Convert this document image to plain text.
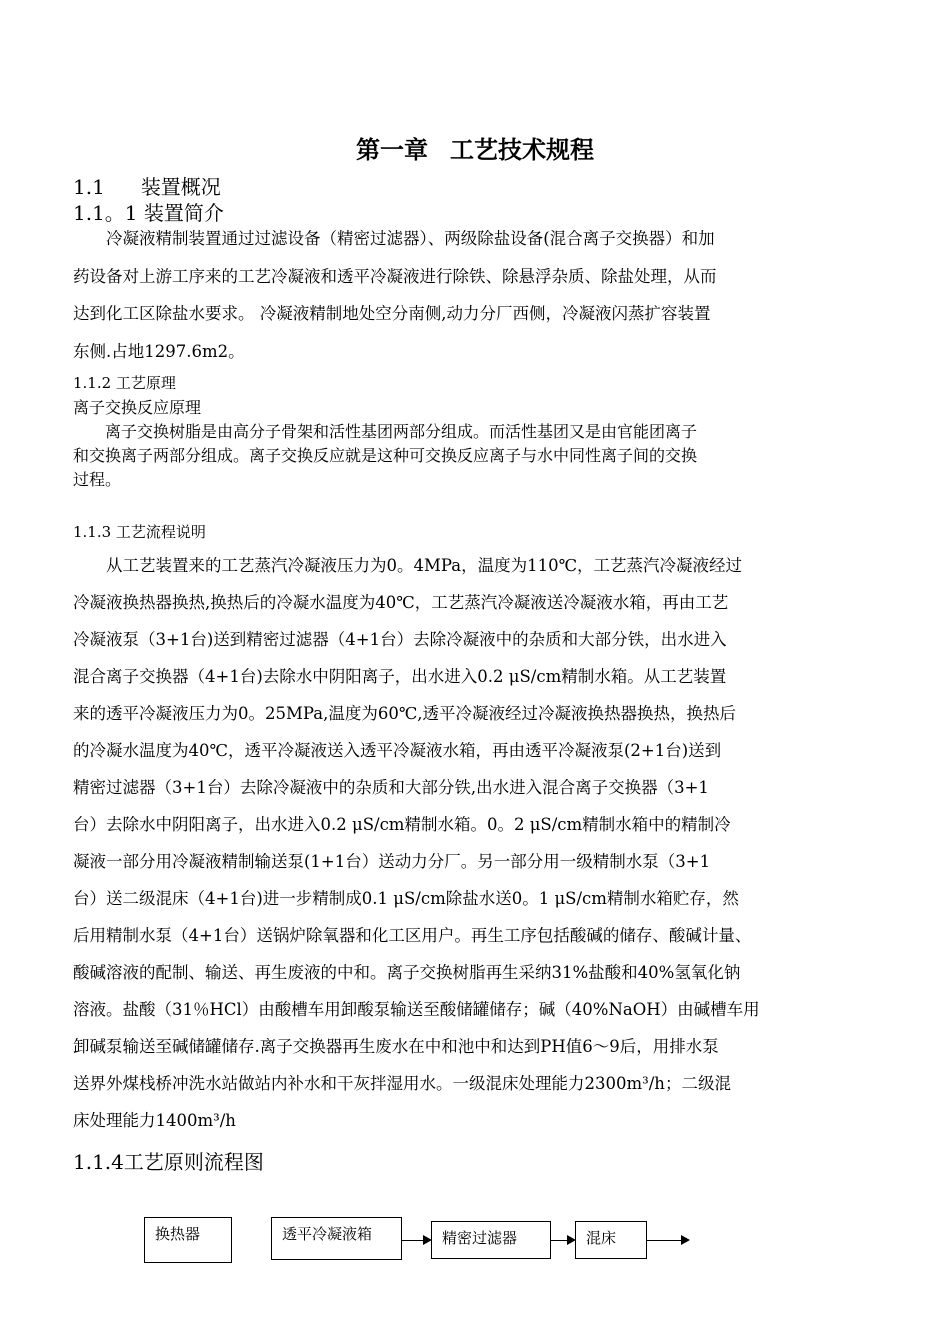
第一章 工艺技术规程
1.1 装置概况
1.1。1 装置简介
冷凝液精制装置通过过滤设备（精密过滤器）、两级除盐设备(混合离子交换器）和加
药设备对上游工序来的工艺冷凝液和透平冷凝液进行除铁、除悬浮杂质、除盐处理，从而
达到化工区除盐水要求。 冷凝液精制地处空分南侧,动力分厂西侧，冷凝液闪蒸扩容装置
东侧.占地1297.6m2。
1.1.2 工艺原理
离子交换反应原理
离子交换树脂是由高分子骨架和活性基团两部分组成。而活性基团又是由官能团离子
和交换离子两部分组成。离子交换反应就是这种可交换反应离子与水中同性离子间的交换
过程。
1.1.3 工艺流程说明
从工艺装置来的工艺蒸汽冷凝液压力为0。4MPa，温度为110℃，工艺蒸汽冷凝液经过
冷凝液换热器换热,换热后的冷凝水温度为40℃，工艺蒸汽冷凝液送冷凝液水箱，再由工艺
冷凝液泵（3+1台)送到精密过滤器（4+1台）去除冷凝液中的杂质和大部分铁，出水进入
混合离子交换器（4+1台)去除水中阴阳离子，出水进入0.2 μS/cm精制水箱。从工艺装置
来的透平冷凝液压力为0。25MPa,温度为60℃,透平冷凝液经过冷凝液换热器换热，换热后
的冷凝水温度为40℃，透平冷凝液送入透平冷凝液水箱，再由透平冷凝液泵(2+1台)送到
精密过滤器（3+1台）去除冷凝液中的杂质和大部分铁,出水进入混合离子交换器（3+1
台）去除水中阴阳离子，出水进入0.2 μS/cm精制水箱。0。2 μS/cm精制水箱中的精制冷
凝液一部分用冷凝液精制输送泵(1+1台）送动力分厂。另一部分用一级精制水泵（3+1
台）送二级混床（4+1台)进一步精制成0.1 μS/cm除盐水送0。1 μS/cm精制水箱贮存，然
后用精制水泵（4+1台）送锅炉除氧器和化工区用户。再生工序包括酸碱的储存、酸碱计量、
酸碱溶液的配制、输送、再生废液的中和。离子交换树脂再生采纳31%盐酸和40%氢氧化钠
溶液。盐酸（31％HCl）由酸槽车用卸酸泵输送至酸储罐储存；碱（40%NaOH）由碱槽车用
卸碱泵输送至碱储罐储存.离子交换器再生废水在中和池中和达到PH值6～9后，用排水泵
送界外煤栈桥冲洗水站做站内补水和干灰拌湿用水。一级混床处理能力2300m³/h；二级混
床处理能力1400m³/h
1.1.4工艺原则流程图
换热器	透平冷凝液箱	精密过滤器	混床
